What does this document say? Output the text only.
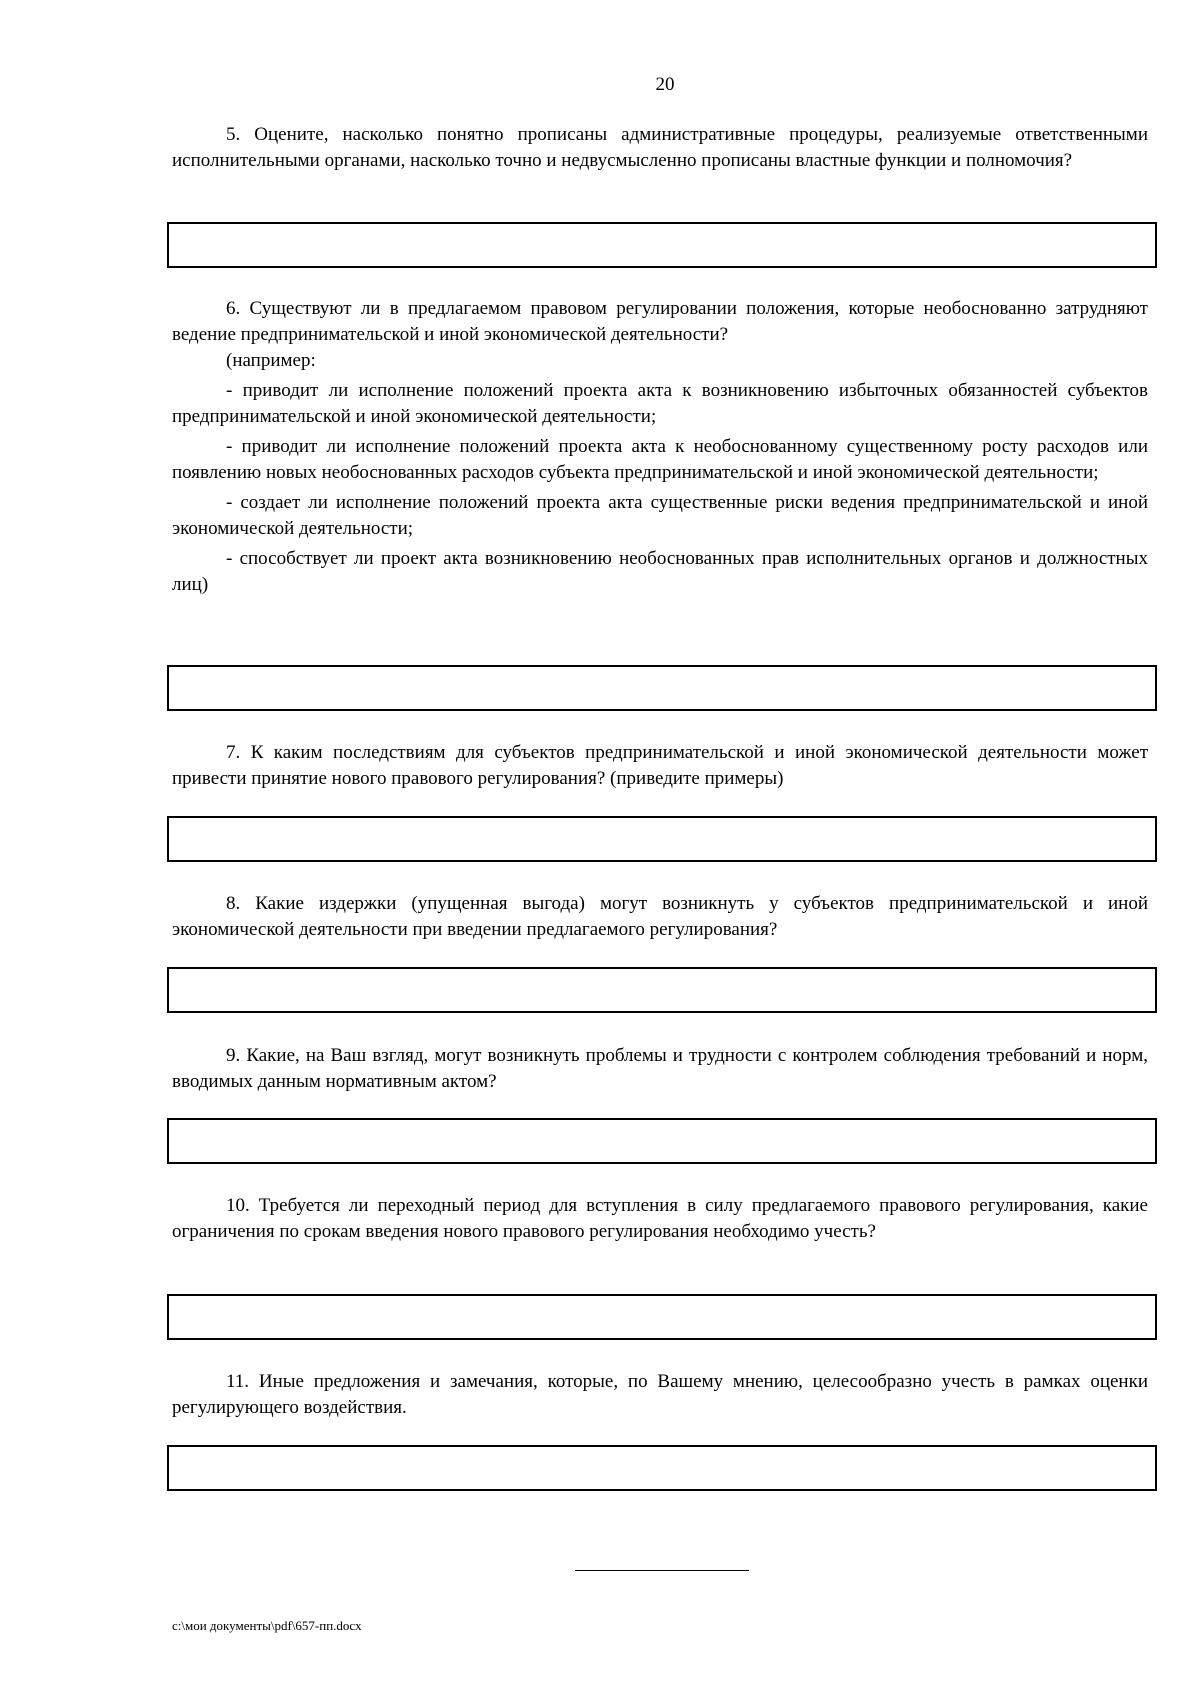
20

5. Оцените, насколько понятно прописаны административные процедуры, реализуемые ответственными исполнительными органами, насколько точно и недвусмысленно прописаны властные функции и полномочия?

6. Существуют ли в предлагаемом правовом регулировании положения, которые необоснованно затрудняют ведение предпринимательской и иной экономической деятельности?

(например:

- приводит ли исполнение положений проекта акта к возникновению избыточных обязанностей субъектов предпринимательской и иной экономической деятельности;

- приводит ли исполнение положений проекта акта к необоснованному существенному росту расходов или появлению новых необоснованных расходов субъекта предпринимательской и иной экономической деятельности;

- создает ли исполнение положений проекта акта существенные риски ведения предпринимательской и иной экономической деятельности;

- способствует ли проект акта возникновению необоснованных прав исполнительных органов и должностных лиц)

7. К каким последствиям для субъектов предпринимательской и иной экономической деятельности может привести принятие нового правового регулирования? (приведите примеры)

8. Какие издержки (упущенная выгода) могут возникнуть у субъектов предпринимательской и иной экономической деятельности при введении предлагаемого регулирования?

9. Какие, на Ваш взгляд, могут возникнуть проблемы и трудности с контролем соблюдения требований и норм, вводимых данным нормативным актом?

10. Требуется ли переходный период для вступления в силу предлагаемого правового регулирования, какие ограничения по срокам введения нового правового регулирования необходимо учесть?

11. Иные предложения и замечания, которые, по Вашему мнению, целесообразно учесть в рамках оценки регулирующего воздействия.

c:\мои документы\pdf\657-пп.docx
